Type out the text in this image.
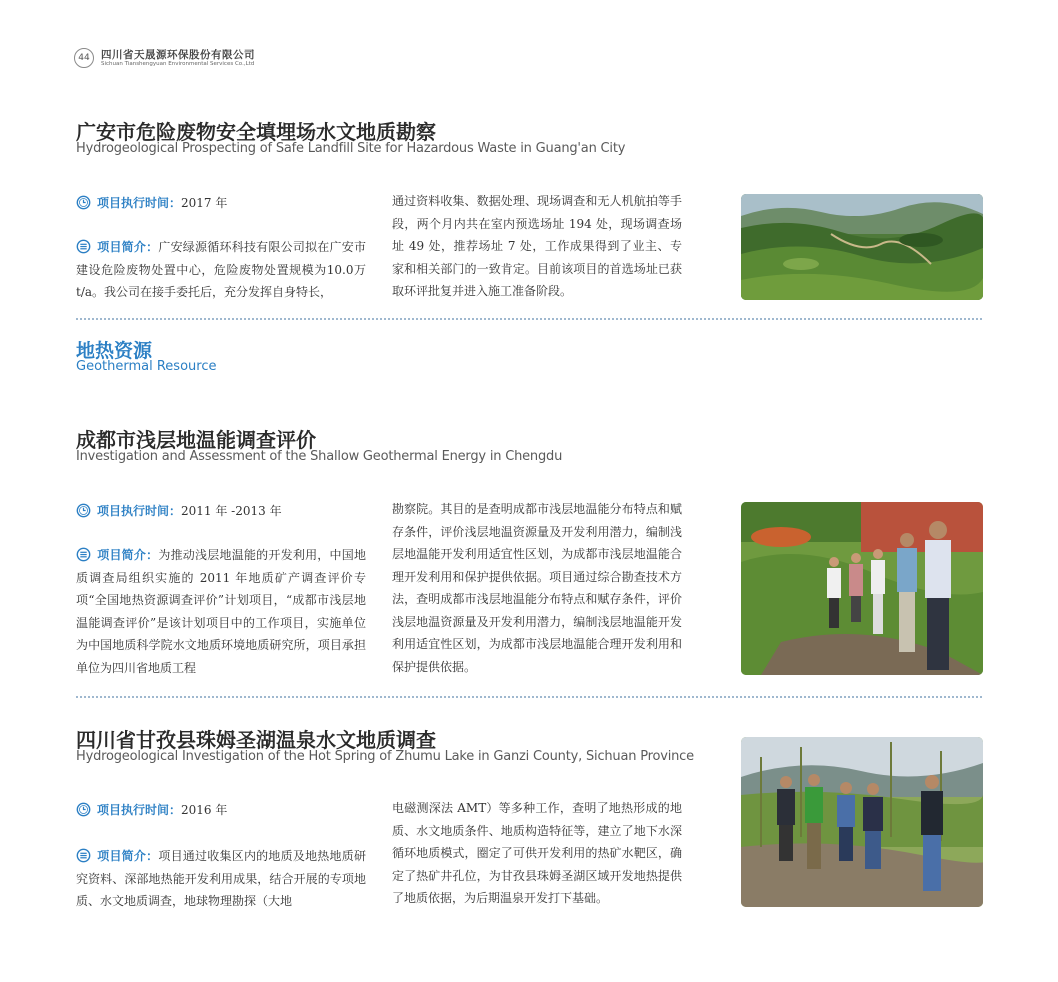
44	四川省天晟源环保股份有限公司
Sichuan Tianshengyuan Environmental Services Co.,Ltd
广安市危险废物安全填埋场水文地质勘察
Hydrogeological Prospecting of Safe Landfill Site for Hazardous Waste in Guang'an City
项目执行时间：2017 年
项目简介：广安绿源循环科技有限公司拟在广安市建设危险废物处置中心，危险废物处置规模为10.0万 t/a。我公司在接手委托后，充分发挥自身特长，
通过资料收集、数据处理、现场调查和无人机航拍等手段，两个月内共在室内预选场址 194 处，现场调查场址 49 处，推荐场址 7 处，工作成果得到了业主、专家和相关部门的一致肯定。目前该项目的首选场址已获取环评批复并进入施工准备阶段。
地热资源
Geothermal Resource
成都市浅层地温能调查评价
Investigation and Assessment of the Shallow Geothermal Energy in Chengdu
项目执行时间：2011 年 -2013 年
项目简介：为推动浅层地温能的开发利用，中国地质调查局组织实施的 2011 年地质矿产调查评价专项“全国地热资源调查评价”计划项目，“成都市浅层地温能调查评价”是该计划项目中的工作项目，实施单位为中国地质科学院水文地质环境地质研究所，项目承担单位为四川省地质工程
勘察院。其目的是查明成都市浅层地温能分布特点和赋存条件，评价浅层地温资源量及开发利用潜力，编制浅层地温能开发利用适宜性区划，为成都市浅层地温能合理开发利用和保护提供依据。项目通过综合勘查技术方法，查明成都市浅层地温能分布特点和赋存条件，评价浅层地温资源量及开发利用潜力，编制浅层地温能开发利用适宜性区划，为成都市浅层地温能合理开发利用和保护提供依据。
四川省甘孜县珠姆圣湖温泉水文地质调查
Hydrogeological Investigation of the Hot Spring of Zhumu Lake in Ganzi County, Sichuan Province
项目执行时间：2016 年
项目简介：项目通过收集区内的地质及地热地质研究资料、深部地热能开发利用成果，结合开展的专项地质、水文地质调查，地球物理勘探（大地
电磁测深法 AMT）等多种工作，查明了地热形成的地质、水文地质条件、地质构造特征等，建立了地下水深循环地质模式，圈定了可供开发利用的热矿水靶区，确定了热矿井孔位，为甘孜县珠姆圣湖区域开发地热提供了地质依据，为后期温泉开发打下基础。
